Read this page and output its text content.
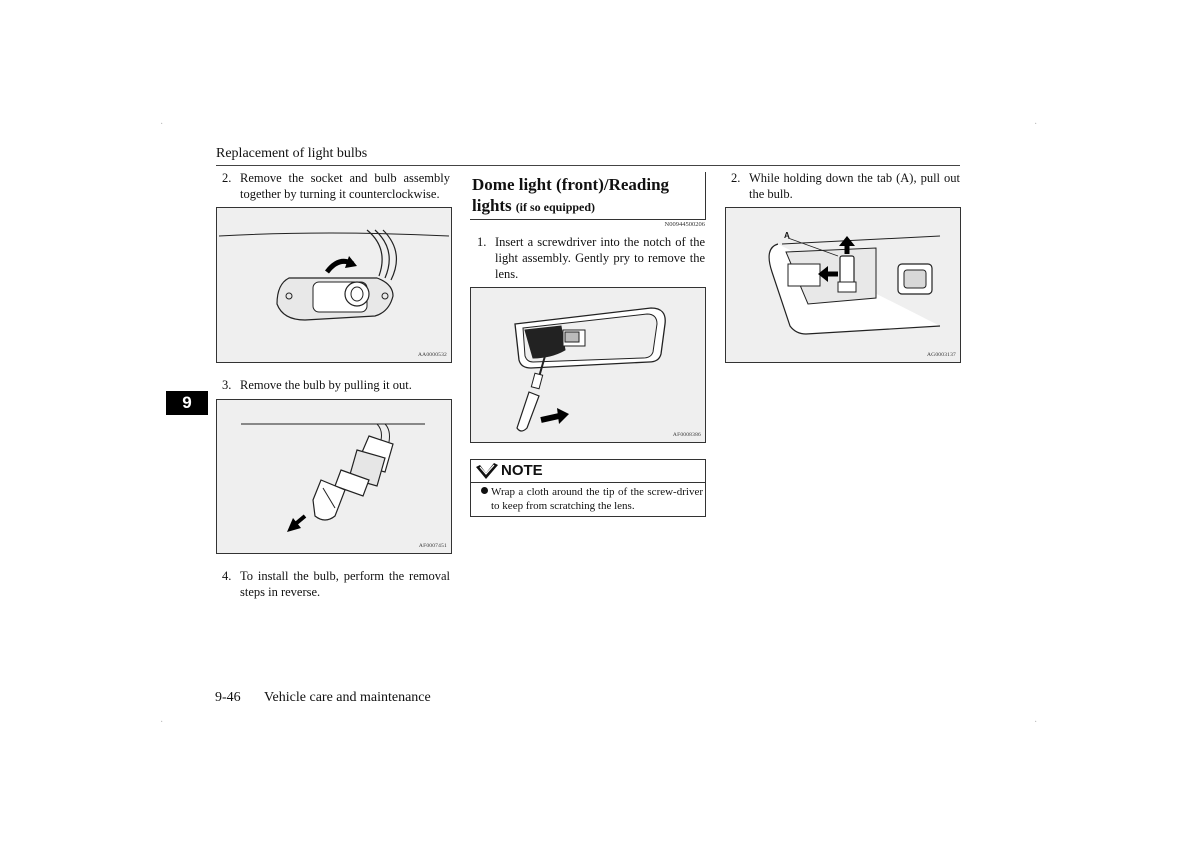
·	·
·	·
Replacement of light bulbs
9
2. Remove the socket and bulb assembly together by turning it counterclockwise.
AA0000532
3. Remove the bulb by pulling it out.
AF0007451
4. To install the bulb, perform the removal steps in reverse.
Dome light (front)/Reading lights (if so equipped)
N00944500206
1. Insert a screwdriver into the notch of the light assembly. Gently pry to remove the lens.
AF0008386
NOTE
Wrap a cloth around the tip of the screw-driver to keep from scratching the lens.
2. While holding down the tab (A), pull out the bulb.
A
AG0003137
9-46 Vehicle care and maintenance
